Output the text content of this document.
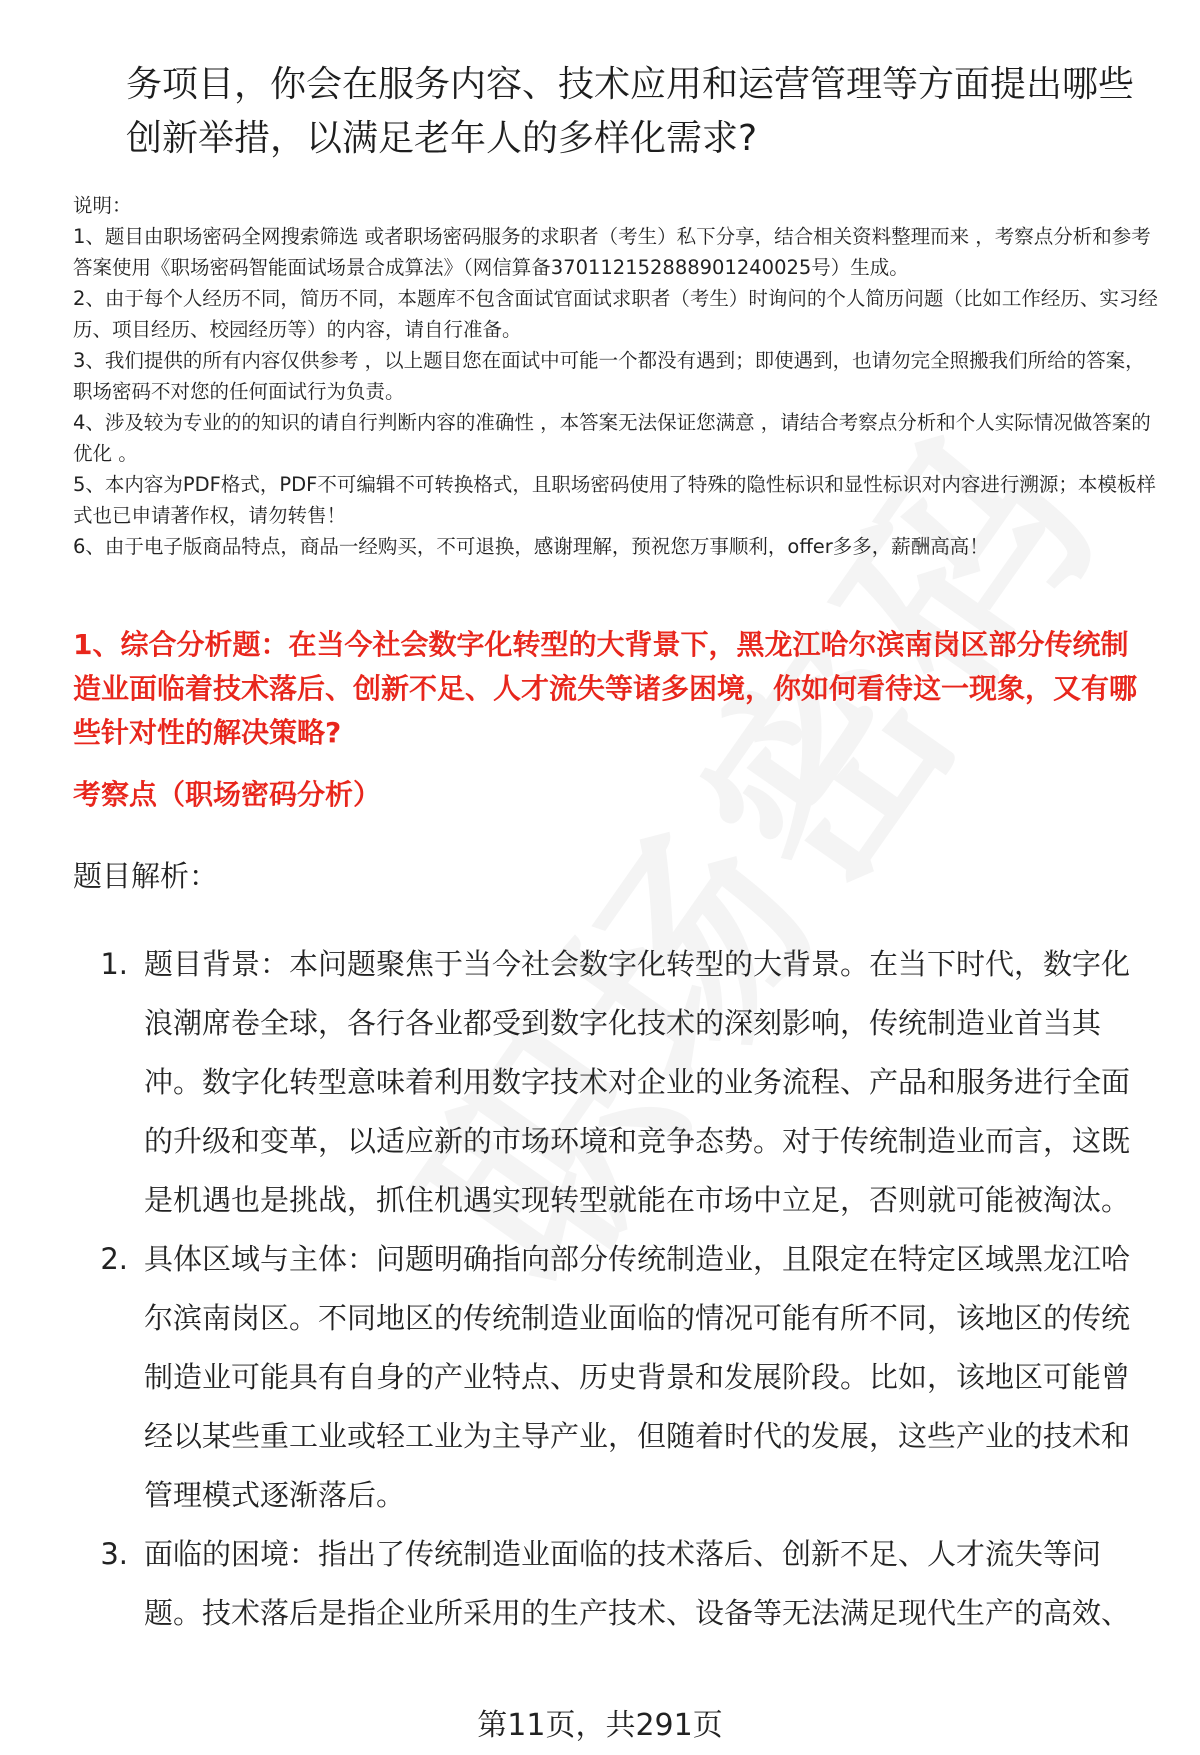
务项目，你会在服务内容、技术应用和运营管理等方面提出哪些创新举措，以满足老年人的多样化需求?

说明：

1、题目由职场密码全网搜索筛选 或者职场密码服务的求职者（考生）私下分享，结合相关资料整理而来 ，考察点分析和参考答案使用《职场密码智能面试场景合成算法》（网信算备370112152888901240025号）生成。

2、由于每个人经历不同，简历不同，本题库不包含面试官面试求职者（考生）时询问的个人简历问题（比如工作经历、实习经历、项目经历、校园经历等）的内容，请自行准备。

3、我们提供的所有内容仅供参考 ，以上题目您在面试中可能一个都没有遇到；即使遇到，也请勿完全照搬我们所给的答案，职场密码不对您的任何面试行为负责。

4、涉及较为专业的的知识的请自行判断内容的准确性 ，本答案无法保证您满意 ，请结合考察点分析和个人实际情况做答案的优化 。

5、本内容为PDF格式，PDF不可编辑不可转换格式，且职场密码使用了特殊的隐性标识和显性标识对内容进行溯源；本模板样式也已申请著作权，请勿转售！

6、由于电子版商品特点，商品一经购买，不可退换，感谢理解，预祝您万事顺利，offer多多，薪酬高高！

1、综合分析题：在当今社会数字化转型的大背景下，黑龙江哈尔滨南岗区部分传统制造业面临着技术落后、创新不足、人才流失等诸多困境，你如何看待这一现象，又有哪些针对性的解决策略?
考察点（职场密码分析）
题目解析：
1. 题目背景：本问题聚焦于当今社会数字化转型的大背景。在当下时代，数字化浪潮席卷全球，各行各业都受到数字化技术的深刻影响，传统制造业首当其冲。数字化转型意味着利用数字技术对企业的业务流程、产品和服务进行全面的升级和变革，以适应新的市场环境和竞争态势。对于传统制造业而言，这既是机遇也是挑战，抓住机遇实现转型就能在市场中立足，否则就可能被淘汰。
2. 具体区域与主体：问题明确指向部分传统制造业，且限定在特定区域黑龙江哈尔滨南岗区。不同地区的传统制造业面临的情况可能有所不同，该地区的传统制造业可能具有自身的产业特点、历史背景和发展阶段。比如，该地区可能曾经以某些重工业或轻工业为主导产业，但随着时代的发展，这些产业的技术和管理模式逐渐落后。
3. 面临的困境：指出了传统制造业面临的技术落后、创新不足、人才流失等问题。技术落后是指企业所采用的生产技术、设备等无法满足现代生产的高效、
第11页，共291页
